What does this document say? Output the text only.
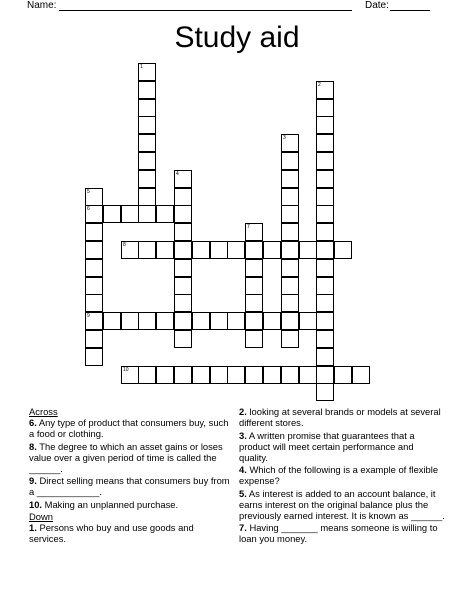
Name:	Date:
Study aid
1
2
3
4
5
6
9
7
8
10
Across
6. Any type of product that consumers buy, such a food or clothing.
8. The degree to which an asset gains or loses value over a given period of time is called the ______.
9. Direct selling means that consumers buy from a ____________.
10. Making an unplanned purchase.
Down
1. Persons who buy and use goods and services.
2. looking at several brands or models at several different stores.
3. A written promise that guarantees that a product will meet certain performance and quality.
4. Which of the following is a example of flexible expense?
5. As interest is added to an account balance, it earns interest on the original balance plus the previously earned interest. It is known as ______.
7. Having _______ means someone is willing to loan you money.
